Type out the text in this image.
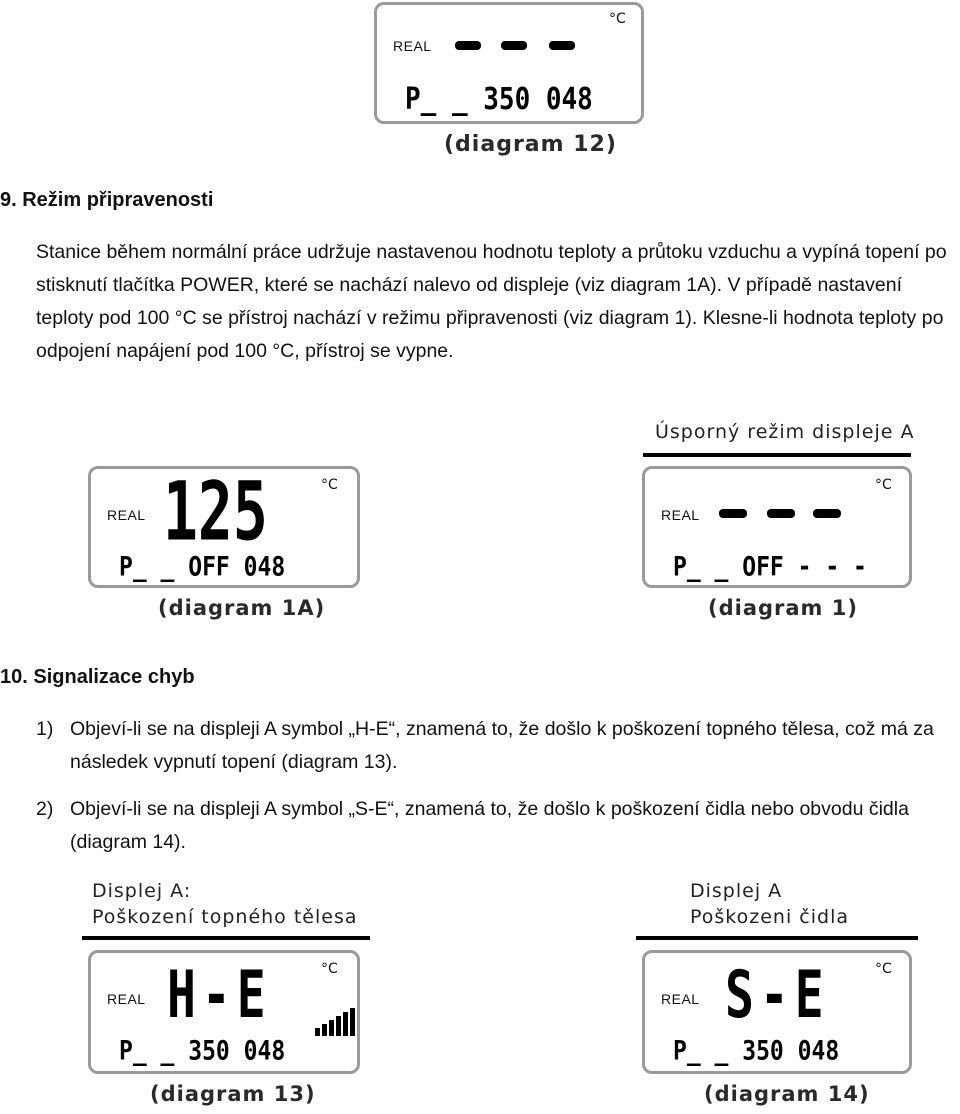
REAL
°C
P_ _ 350 048
(diagram 12)
9. Režim připravenosti
Stanice během normální práce udržuje nastavenou hodnotu teploty a průtoku vzduchu a vypíná topení po stisknutí tlačítka POWER, které se nachází nalevo od displeje (viz diagram 1A). V případě nastavení teploty pod 100 °C se přístroj nachází v režimu připravenosti (viz diagram 1). Klesne-li hodnota teploty po odpojení napájení pod 100 °C, přístroj se vypne.
REAL
°C
125
P_ _ OFF 048
(diagram 1A)
Úsporný režim displeje A
REAL
°C
P_ _ OFF - - -
(diagram 1)
10. Signalizace chyb
1) Objeví-li se na displeji A symbol „H-E“, znamená to, že došlo k poškození topného tělesa, což má za následek vypnutí topení (diagram 13).
2) Objeví-li se na displeji A symbol „S-E“, znamená to, že došlo k poškození čidla nebo obvodu čidla (diagram 14).
Displej A:
Poškození topného tělesa
REAL
°C
H-E
P_ _ 350 048
(diagram 13)
Displej A
Poškozeni čidla
REAL
°C
S-E
P_ _ 350 048
(diagram 14)
